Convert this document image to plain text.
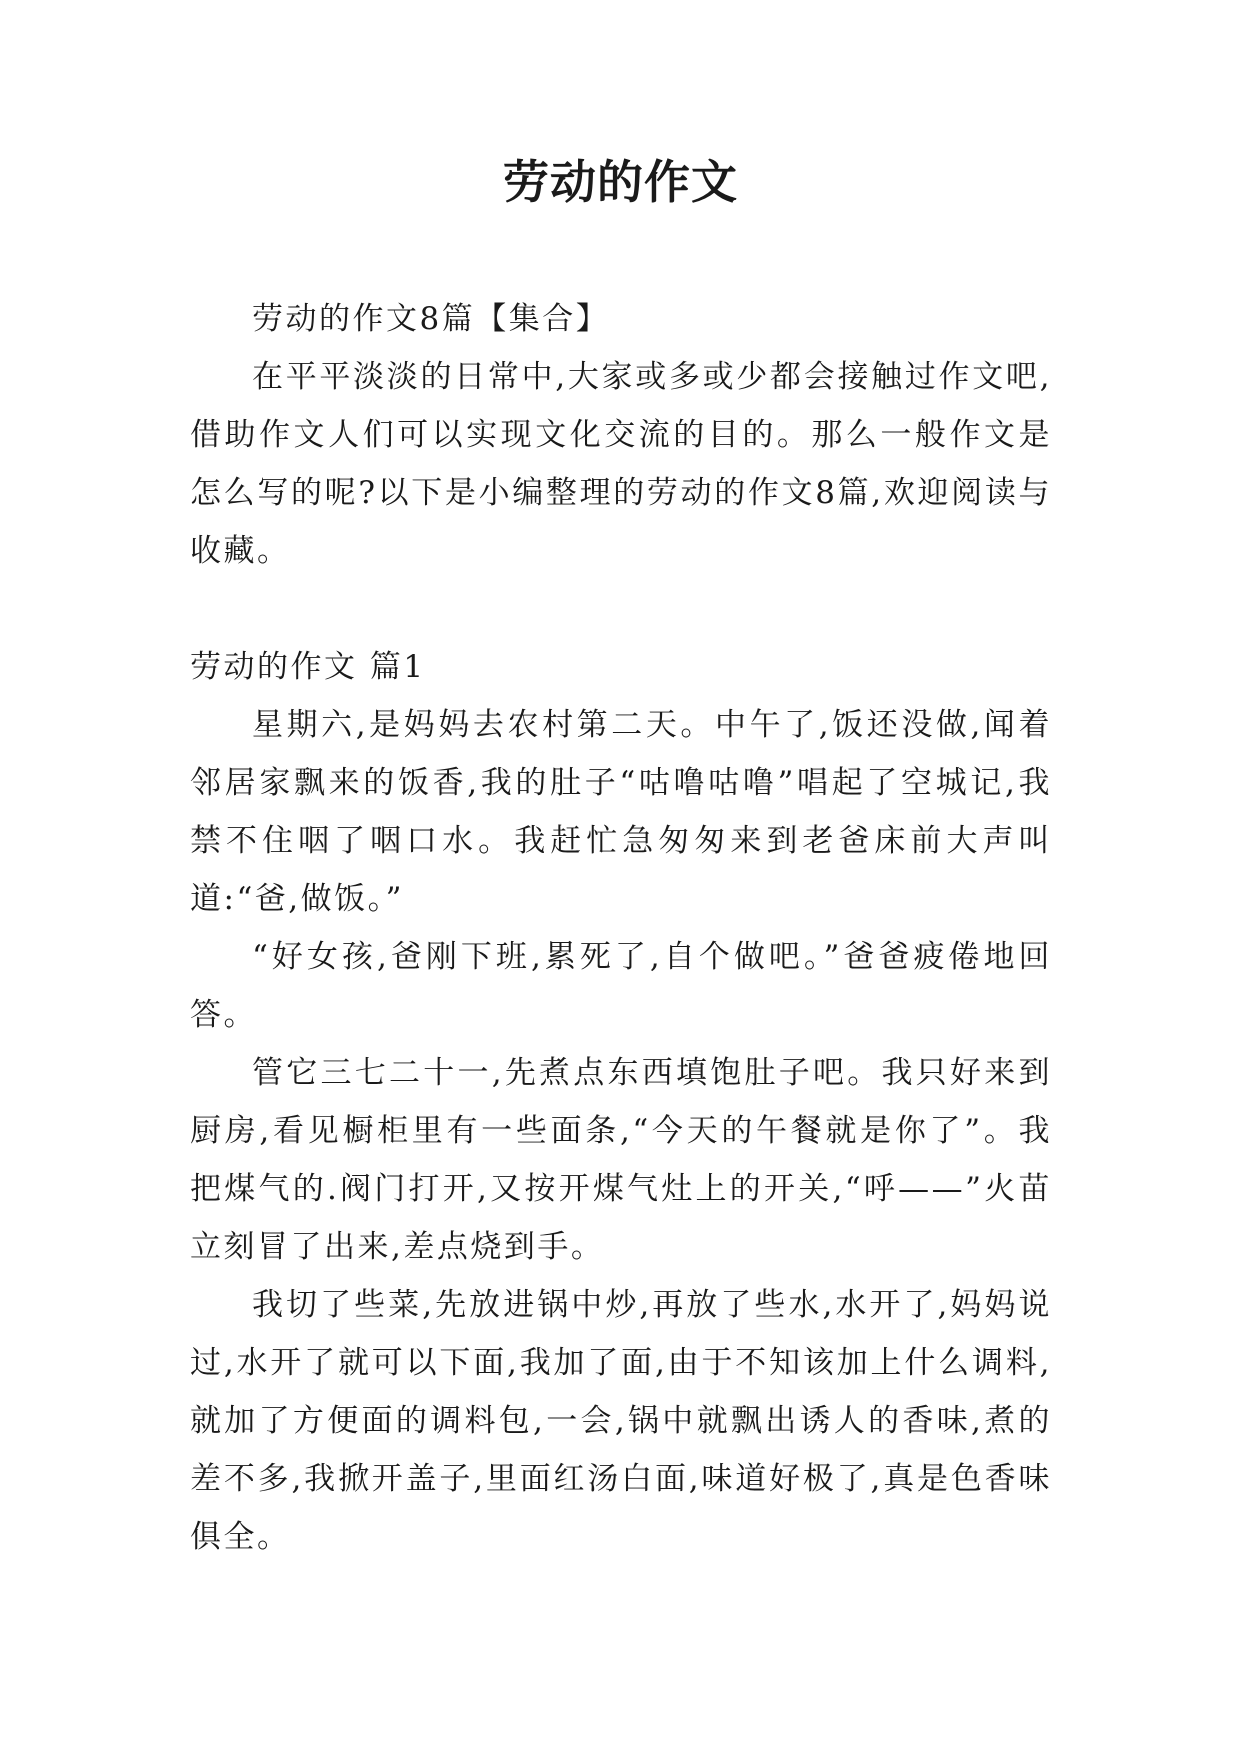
劳动的作文

劳动的作文8篇【集合】

在平平淡淡的日常中,大家或多或少都会接触过作文吧,借助作文人们可以实现文化交流的目的。那么一般作文是怎么写的呢?以下是小编整理的劳动的作文8篇,欢迎阅读与收藏。

劳动的作文 篇1

星期六,是妈妈去农村第二天。中午了,饭还没做,闻着邻居家飘来的饭香,我的肚子“咕噜咕噜”唱起了空城记,我禁不住咽了咽口水。我赶忙急匆匆来到老爸床前大声叫道:“爸,做饭。”

“好女孩,爸刚下班,累死了,自个做吧。”爸爸疲倦地回答。

管它三七二十一,先煮点东西填饱肚子吧。我只好来到厨房,看见橱柜里有一些面条,“今天的午餐就是你了”。我把煤气的.阀门打开,又按开煤气灶上的开关,“呼——”火苗立刻冒了出来,差点烧到手。

我切了些菜,先放进锅中炒,再放了些水,水开了,妈妈说过,水开了就可以下面,我加了面,由于不知该加上什么调料,就加了方便面的调料包,一会,锅中就飘出诱人的香味,煮的差不多,我掀开盖子,里面红汤白面,味道好极了,真是色香味俱全。
